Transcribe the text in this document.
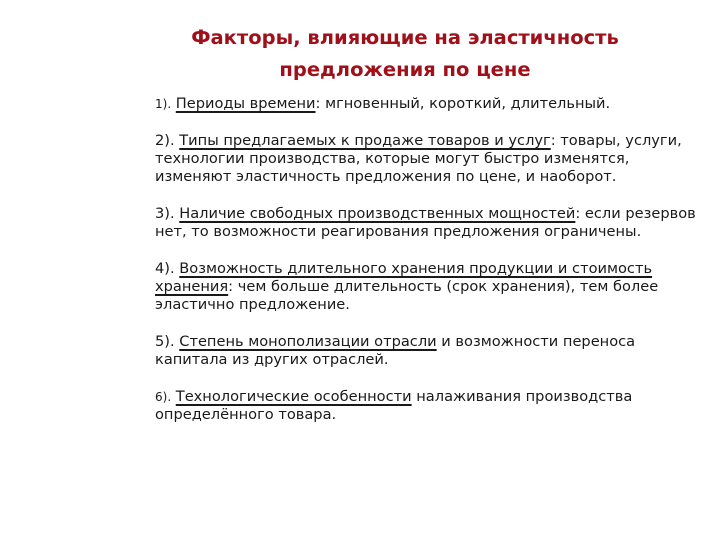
Факторы, влияющие на эластичность
предложения по цене

1). Периоды времени: мгновенный, короткий, длительный.

2). Типы предлагаемых к продаже товаров и услуг: товары, услуги, технологии производства, которые могут быстро изменятся, изменяют эластичность предложения по цене, и наоборот.

3). Наличие свободных производственных мощностей: если резервов нет, то возможности реагирования предложения ограничены.

4). Возможность длительного хранения продукции и стоимость хранения: чем больше длительность (срок хранения), тем более эластично предложение.

5). Степень монополизации отрасли и возможности переноса капитала из других отраслей.

6). Технологические особенности налаживания производства определённого товара.
